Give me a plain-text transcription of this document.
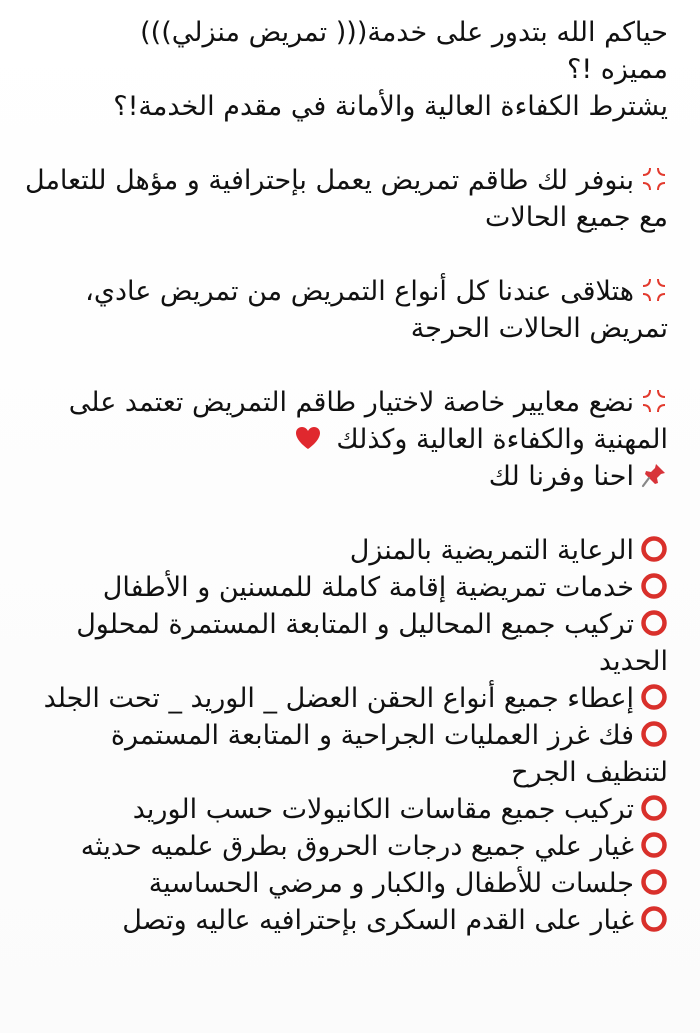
حياكم الله بتدور على خدمة((( تمريض منزلي)))
مميزه !؟
يشترط الكفاءة العالية والأمانة في مقدم الخدمة!؟
بنوفر لك طاقم تمريض يعمل بإحترافية و مؤهل للتعامل مع جميع الحالات
هتلاقى عندنا كل أنواع التمريض من تمريض عادي، تمريض الحالات الحرجة
نضع معايير خاصة لاختيار طاقم التمريض تعتمد على المهنية والكفاءة العالية وكذلك
احنا وفرنا لك
الرعاية التمريضية بالمنزل
خدمات تمريضية إقامة كاملة للمسنين و الأطفال
تركيب جميع المحاليل و المتابعة المستمرة لمحلول الحديد
إعطاء جميع أنواع الحقن العضل _ الوريد _ تحت الجلد
فك غرز العمليات الجراحية و المتابعة المستمرة لتنظيف الجرح
تركيب جميع مقاسات الكانيولات حسب الوريد
غيار علي جميع درجات الحروق بطرق علميه حديثه
جلسات للأطفال والكبار و مرضي الحساسية
غيار على القدم السكرى بإحترافيه عاليه وتصل
